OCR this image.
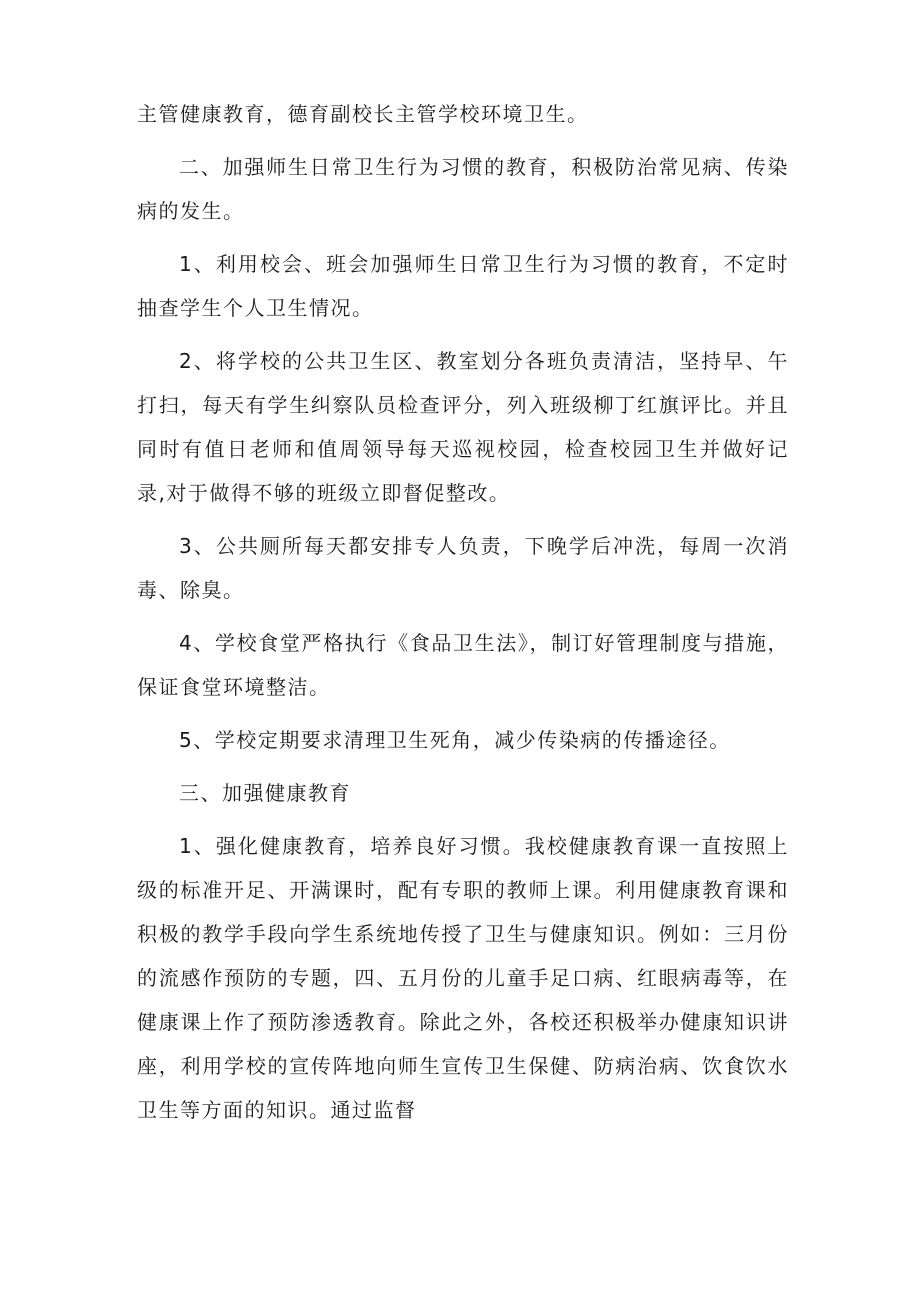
主管健康教育，德育副校长主管学校环境卫生。

二、加强师生日常卫生行为习惯的教育，积极防治常见病、传染病的发生。

1、利用校会、班会加强师生日常卫生行为习惯的教育，不定时抽查学生个人卫生情况。

2、将学校的公共卫生区、教室划分各班负责清洁，坚持早、午打扫，每天有学生纠察队员检查评分，列入班级柳丁红旗评比。并且同时有值日老师和值周领导每天巡视校园，检查校园卫生并做好记录,对于做得不够的班级立即督促整改。

3、公共厕所每天都安排专人负责，下晚学后冲洗，每周一次消毒、除臭。

4、学校食堂严格执行《食品卫生法》，制订好管理制度与措施，保证食堂环境整洁。

5、学校定期要求清理卫生死角，减少传染病的传播途径。

三、加强健康教育

1、强化健康教育，培养良好习惯。我校健康教育课一直按照上级的标准开足、开满课时，配有专职的教师上课。利用健康教育课和积极的教学手段向学生系统地传授了卫生与健康知识。例如：三月份的流感作预防的专题，四、五月份的儿童手足口病、红眼病毒等，在健康课上作了预防渗透教育。除此之外，各校还积极举办健康知识讲座，利用学校的宣传阵地向师生宣传卫生保健、防病治病、饮食饮水卫生等方面的知识。通过监督
